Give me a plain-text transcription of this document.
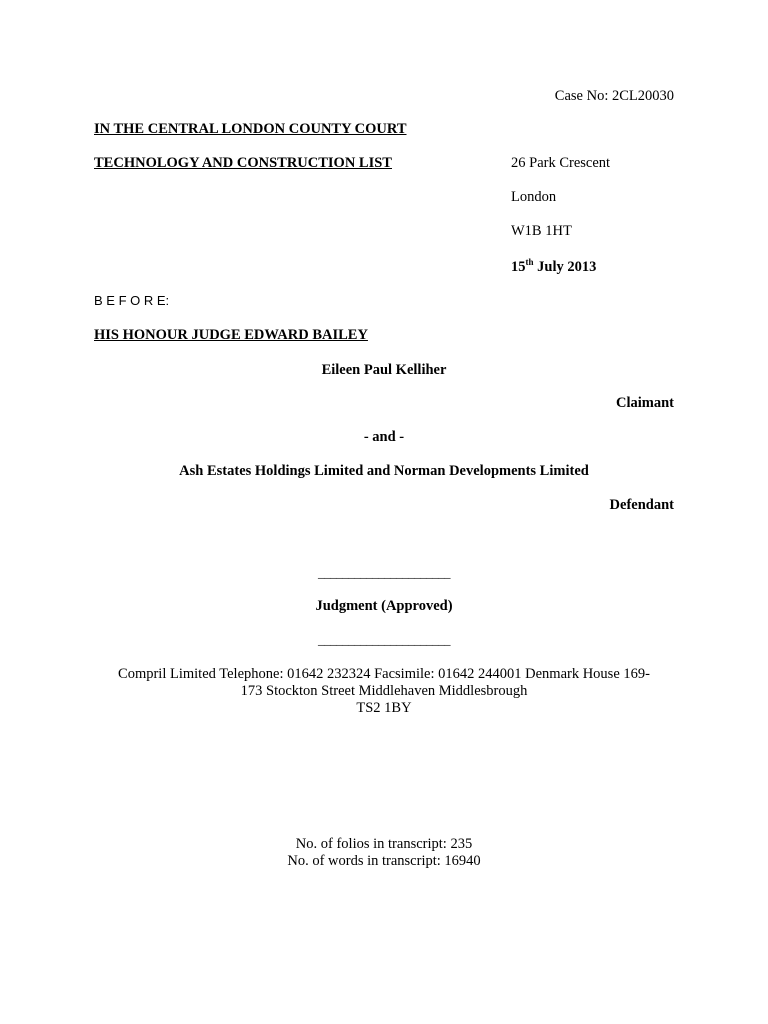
Case No: 2CL20030
IN THE CENTRAL LONDON COUNTY COURT
TECHNOLOGY AND CONSTRUCTION LIST	26 Park Crescent
London
W1B 1HT
15th July 2013
B E F O R E:
HIS HONOUR JUDGE EDWARD BAILEY
Eileen Paul Kelliher
Claimant
- and -
Ash Estates Holdings Limited and Norman Developments Limited
Defendant
______________________
Judgment (Approved)
______________________
Compril Limited Telephone: 01642 232324 Facsimile: 01642 244001 Denmark House 169-
173 Stockton Street Middlehaven Middlesbrough
TS2 1BY
No. of folios in transcript: 235
No. of words in transcript: 16940
